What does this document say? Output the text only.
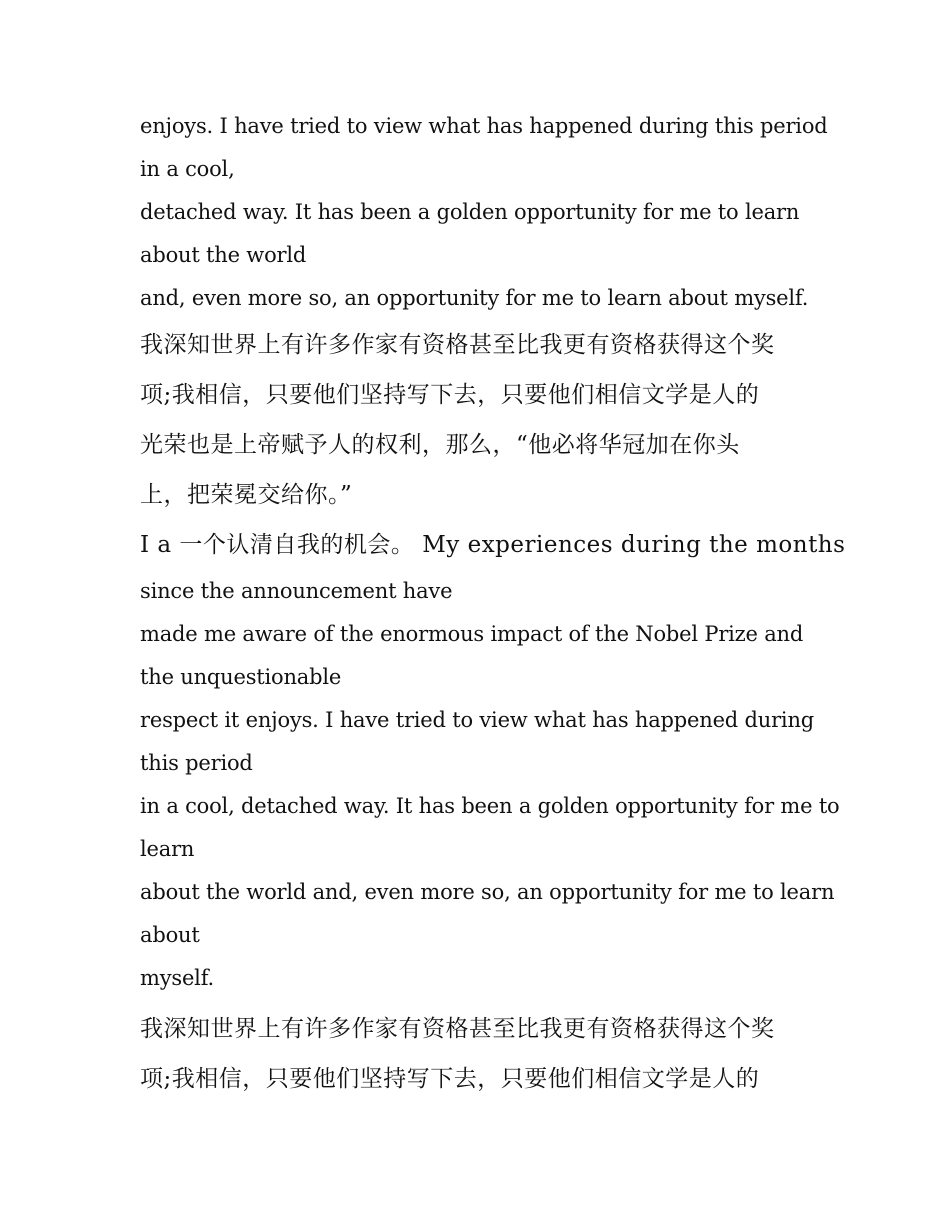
enjoys. I have tried to view what has happened during this period
in a cool,
detached way. It has been a golden opportunity for me to learn
about the world
and, even more so, an opportunity for me to learn about myself.
我深知世界上有许多作家有资格甚至比我更有资格获得这个奖
项;我相信，只要他们坚持写下去，只要他们相信文学是人的
光荣也是上帝赋予人的权利，那么，“他必将华冠加在你头
上，把荣冕交给你。”
I a 一个认清自我的机会。 My experiences during the months
since the announcement have
made me aware of the enormous impact of the Nobel Prize and
the unquestionable
respect it enjoys. I have tried to view what has happened during
this period
in a cool, detached way. It has been a golden opportunity for me to
learn
about the world and, even more so, an opportunity for me to learn
about
myself.
我深知世界上有许多作家有资格甚至比我更有资格获得这个奖
项;我相信，只要他们坚持写下去，只要他们相信文学是人的
